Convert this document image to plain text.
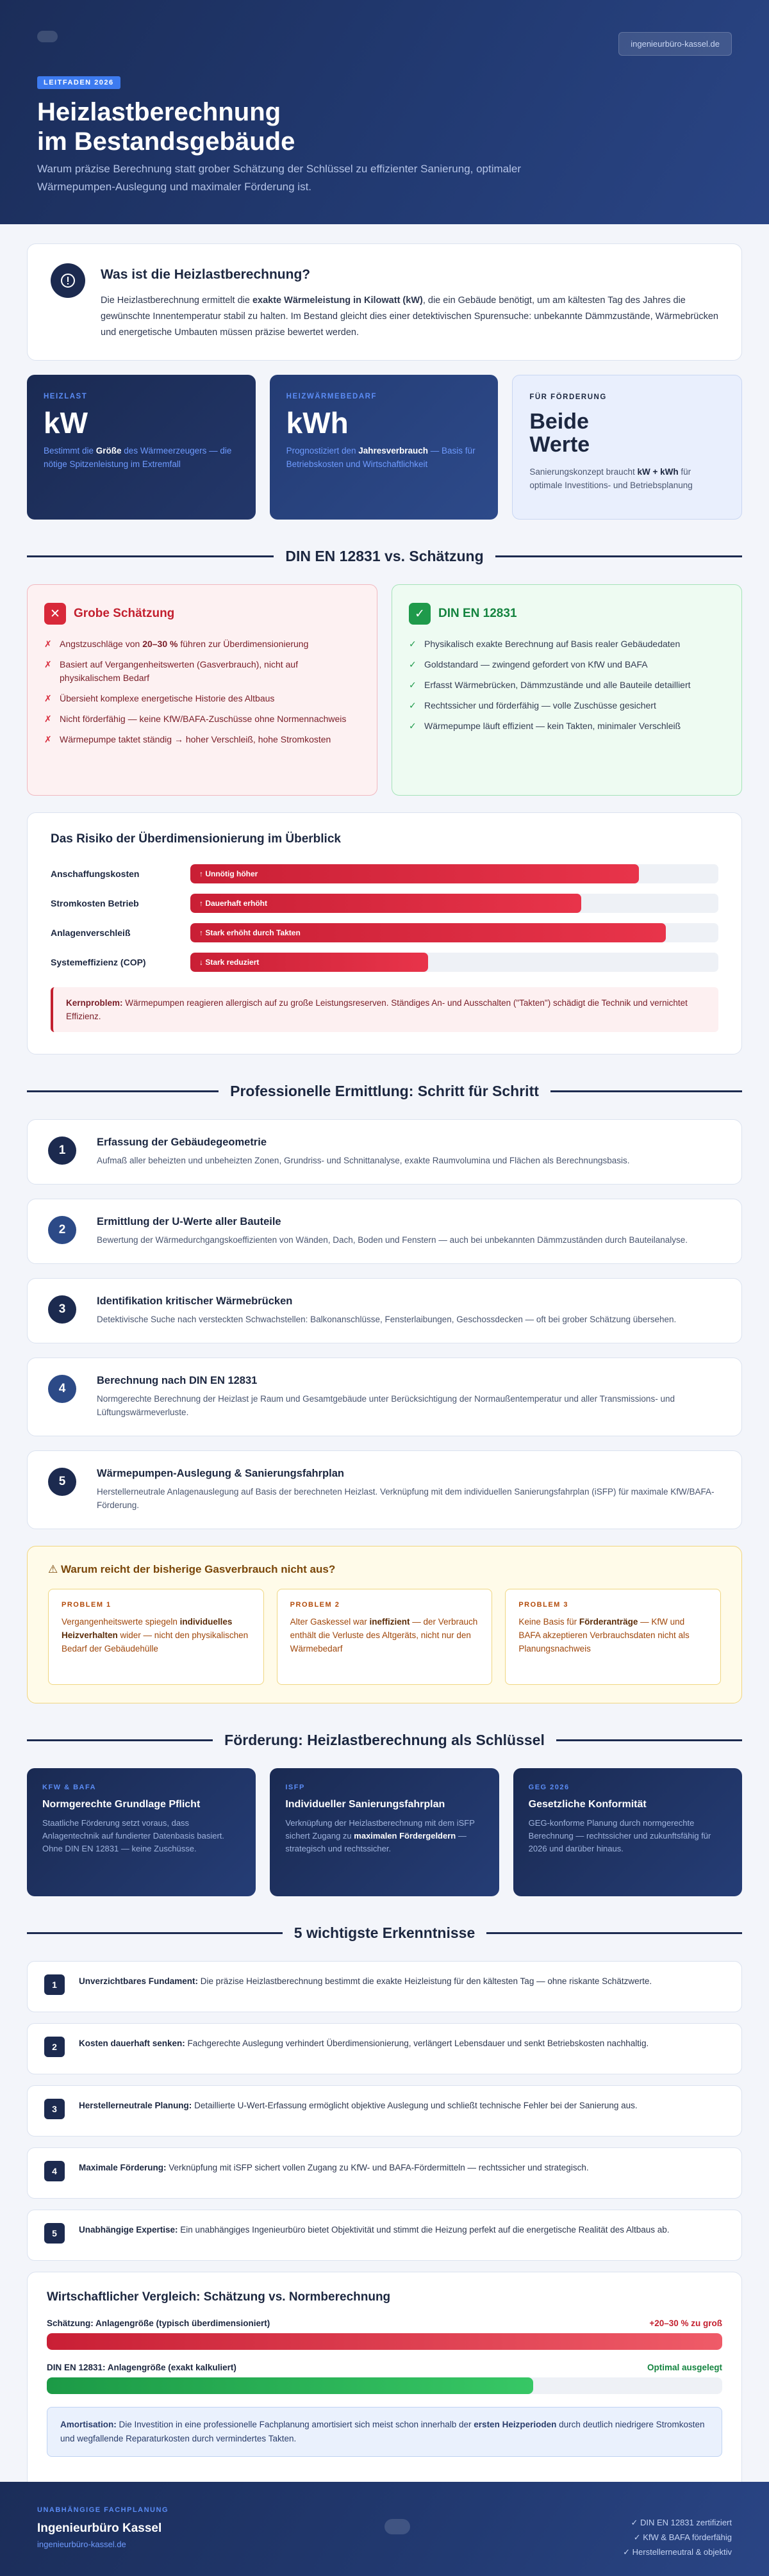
ingenieurbüro-kassel.de
LEITFADEN 2026
Heizlastberechnung
im Bestandsgebäude

Warum präzise Berechnung statt grober Schätzung der Schlüssel zu effizienter Sanierung, optimaler Wärmepumpen-Auslegung und maximaler Förderung ist.

Was ist die Heizlastberechnung?

Die Heizlastberechnung ermittelt die exakte Wärmeleistung in Kilowatt (kW), die ein Gebäude benötigt, um am kältesten Tag des Jahres die gewünschte Innentemperatur stabil zu halten. Im Bestand gleicht dies einer detektivischen Spurensuche: unbekannte Dämmzustände, Wärmebrücken und energetische Umbauten müssen präzise bewertet werden.

HEIZLAST
kW
Bestimmt die Größe des Wärmeerzeugers — die nötige Spitzenleistung im Extremfall
HEIZWÄRMEBEDARF
kWh
Prognostiziert den Jahresverbrauch — Basis für Betriebskosten und Wirtschaftlichkeit
FÜR FÖRDERUNG
Beide
Werte
Sanierungskonzept braucht kW + kWh für optimale Investitions- und Betriebsplanung
DIN EN 12831 vs. Schätzung
✕	Grobe Schätzung
✗ Angstzuschläge von 20–30 % führen zur Überdimensionierung
✗ Basiert auf Vergangenheitswerten (Gasverbrauch), nicht auf physikalischem Bedarf
✗ Übersieht komplexe energetische Historie des Altbaus
✗ Nicht förderfähig — keine KfW/BAFA-Zuschüsse ohne Normennachweis
✗ Wärmepumpe taktet ständig → hoher Verschleiß, hohe Stromkosten
✓	DIN EN 12831
✓ Physikalisch exakte Berechnung auf Basis realer Gebäudedaten
✓ Goldstandard — zwingend gefordert von KfW und BAFA
✓ Erfasst Wärmebrücken, Dämmzustände und alle Bauteile detailliert
✓ Rechtssicher und förderfähig — volle Zuschüsse gesichert
✓ Wärmepumpe läuft effizient — kein Takten, minimaler Verschleiß
Das Risiko der Überdimensionierung im Überblick
Anschaffungskosten	↑ Unnötig höher
Stromkosten Betrieb	↑ Dauerhaft erhöht
Anlagenverschleiß	↑ Stark erhöht durch Takten
Systemeffizienz (COP)	↓ Stark reduziert
Kernproblem: Wärmepumpen reagieren allergisch auf zu große Leistungsreserven. Ständiges An- und Ausschalten ("Takten") schädigt die Technik und vernichtet Effizienz.
Professionelle Ermittlung: Schritt für Schritt
1
Erfassung der Gebäudegeometrie
Aufmaß aller beheizten und unbeheizten Zonen, Grundriss- und Schnittanalyse, exakte Raumvolumina und Flächen als Berechnungsbasis.
2
Ermittlung der U-Werte aller Bauteile
Bewertung der Wärmedurchgangskoeffizienten von Wänden, Dach, Boden und Fenstern — auch bei unbekannten Dämmzuständen durch Bauteilanalyse.
3
Identifikation kritischer Wärmebrücken
Detektivische Suche nach versteckten Schwachstellen: Balkonanschlüsse, Fensterlaibungen, Geschossdecken — oft bei grober Schätzung übersehen.
4
Berechnung nach DIN EN 12831
Normgerechte Berechnung der Heizlast je Raum und Gesamtgebäude unter Berücksichtigung der Normaußentemperatur und aller Transmissions- und Lüftungswärmeverluste.
5
Wärmepumpen-Auslegung & Sanierungsfahrplan
Herstellerneutrale Anlagenauslegung auf Basis der berechneten Heizlast. Verknüpfung mit dem individuellen Sanierungsfahrplan (iSFP) für maximale KfW/BAFA-Förderung.
⚠ Warum reicht der bisherige Gasverbrauch nicht aus?
PROBLEM 1
Vergangenheitswerte spiegeln individuelles Heizverhalten wider — nicht den physikalischen Bedarf der Gebäudehülle
PROBLEM 2
Alter Gaskessel war ineffizient — der Verbrauch enthält die Verluste des Altgeräts, nicht nur den Wärmebedarf
PROBLEM 3
Keine Basis für Förderanträge — KfW und BAFA akzeptieren Verbrauchsdaten nicht als Planungsnachweis
Förderung: Heizlastberechnung als Schlüssel
KFW & BAFA
Normgerechte Grundlage Pflicht
Staatliche Förderung setzt voraus, dass Anlagentechnik auf fundierter Datenbasis basiert. Ohne DIN EN 12831 — keine Zuschüsse.
ISFP
Individueller Sanierungsfahrplan
Verknüpfung der Heizlastberechnung mit dem iSFP sichert Zugang zu maximalen Fördergeldern — strategisch und rechtssicher.
GEG 2026
Gesetzliche Konformität
GEG-konforme Planung durch normgerechte Berechnung — rechtssicher und zukunftsfähig für 2026 und darüber hinaus.
5 wichtigste Erkenntnisse
1	Unverzichtbares Fundament: Die präzise Heizlastberechnung bestimmt die exakte Heizleistung für den kältesten Tag — ohne riskante Schätzwerte.
2	Kosten dauerhaft senken: Fachgerechte Auslegung verhindert Überdimensionierung, verlängert Lebensdauer und senkt Betriebskosten nachhaltig.
3	Herstellerneutrale Planung: Detaillierte U-Wert-Erfassung ermöglicht objektive Auslegung und schließt technische Fehler bei der Sanierung aus.
4	Maximale Förderung: Verknüpfung mit iSFP sichert vollen Zugang zu KfW- und BAFA-Fördermitteln — rechtssicher und strategisch.
5	Unabhängige Expertise: Ein unabhängiges Ingenieurbüro bietet Objektivität und stimmt die Heizung perfekt auf die energetische Realität des Altbaus ab.
Wirtschaftlicher Vergleich: Schätzung vs. Normberechnung
Schätzung: Anlagengröße (typisch überdimensioniert)	+20–30 % zu groß
DIN EN 12831: Anlagengröße (exakt kalkuliert)	Optimal ausgelegt
Amortisation: Die Investition in eine professionelle Fachplanung amortisiert sich meist schon innerhalb der ersten Heizperioden durch deutlich niedrigere Stromkosten und wegfallende Reparaturkosten durch vermindertes Takten.
UNABHÄNGIGE FACHPLANUNG
Ingenieurbüro Kassel
ingenieurbüro-kassel.de
✓ DIN EN 12831 zertifiziert
✓ KfW & BAFA förderfähig
✓ Herstellerneutral & objektiv
